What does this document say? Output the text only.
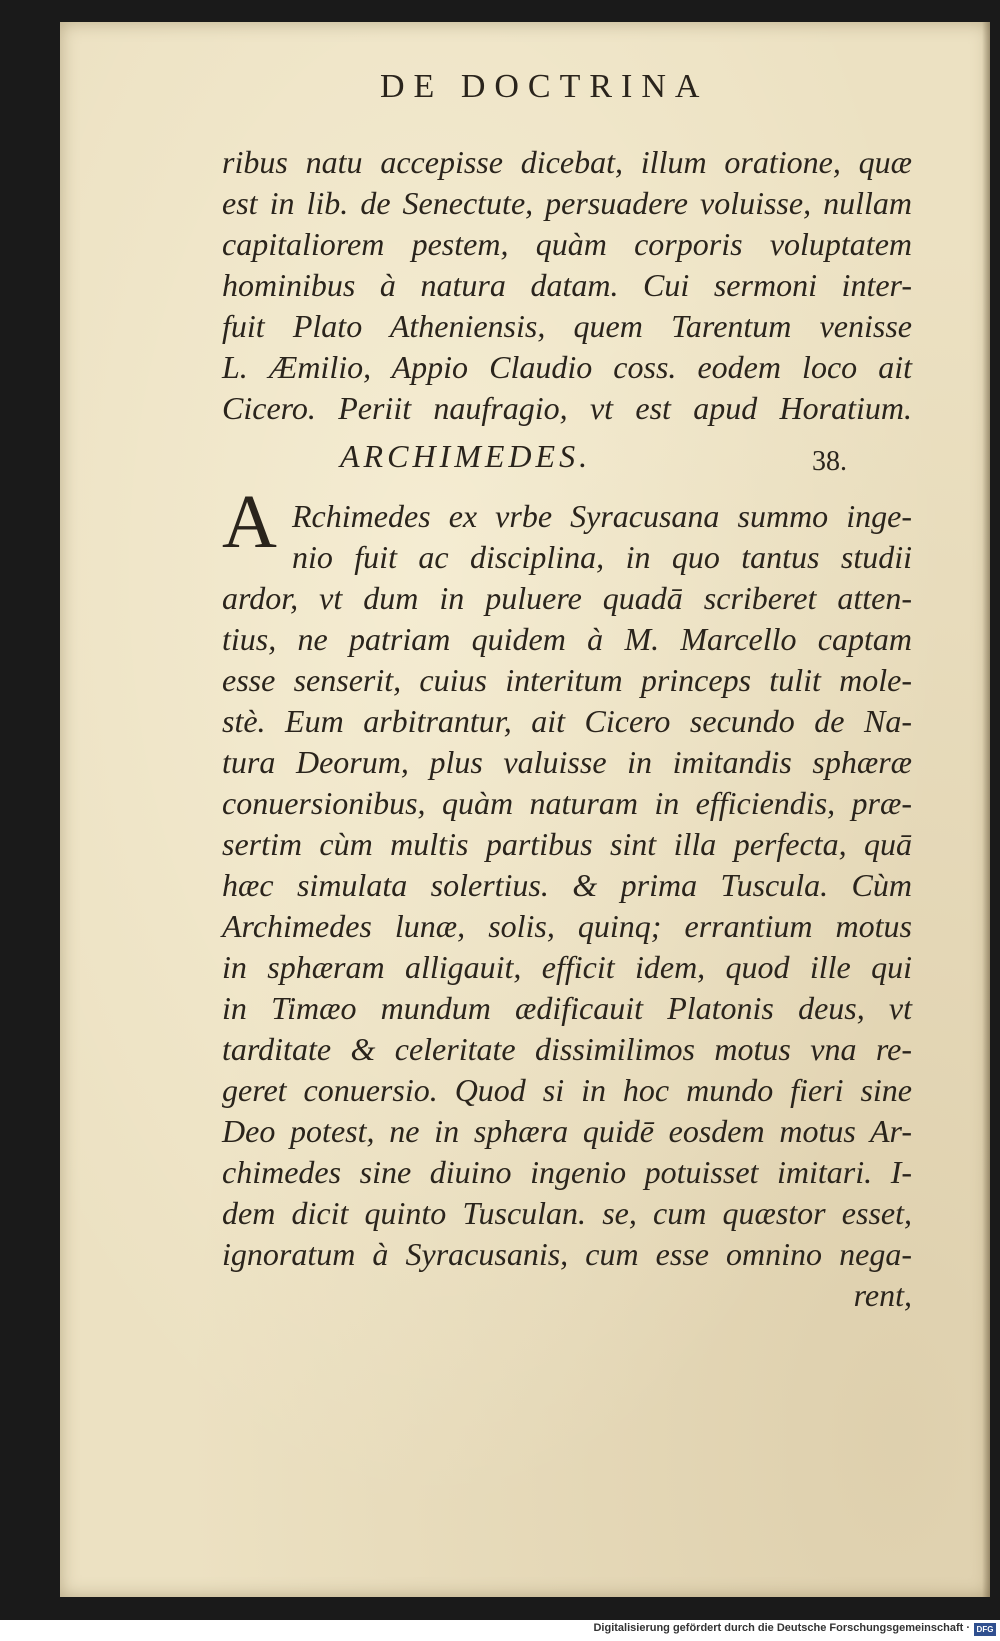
DE DOCTRINA
ribus natu accepisse dicebat, illum oratione, quæ
est in lib. de Senectute, persuadere voluisse, nullam
capitaliorem pestem, quàm corporis voluptatem
hominibus à natura datam. Cui sermoni inter-
fuit Plato Atheniensis, quem Tarentum venisse
L. Æmilio, Appio Claudio coss. eodem loco ait
Cicero. Periit naufragio, vt est apud Horatium.
ARCHIMEDES.	38.
A Rchimedes ex vrbe Syracusana summo inge-
nio fuit ac disciplina, in quo tantus studii
ardor, vt dum in puluere quadā scriberet atten-
tius, ne patriam quidem à M. Marcello captam
esse senserit, cuius interitum princeps tulit mole-
stè. Eum arbitrantur, ait Cicero secundo de Na-
tura Deorum, plus valuisse in imitandis sphæræ
conuersionibus, quàm naturam in efficiendis, præ-
sertim cùm multis partibus sint illa perfecta, quā
hæc simulata solertius. & prima Tuscula. Cùm
Archimedes lunæ, solis, quinq; errantium motus
in sphæram alligauit, efficit idem, quod ille qui
in Timæo mundum ædificauit Platonis deus, vt
tarditate & celeritate dissimilimos motus vna re-
geret conuersio. Quod si in hoc mundo fieri sine
Deo potest, ne in sphæra quidē eosdem motus Ar-
chimedes sine diuino ingenio potuisset imitari. I-
dem dicit quinto Tusculan. se, cum quæstor esset,
ignoratum à Syracusanis, cum esse omnino nega-
rent,
Digitalisierung gefördert durch die Deutsche Forschungsgemeinschaft · DFG
